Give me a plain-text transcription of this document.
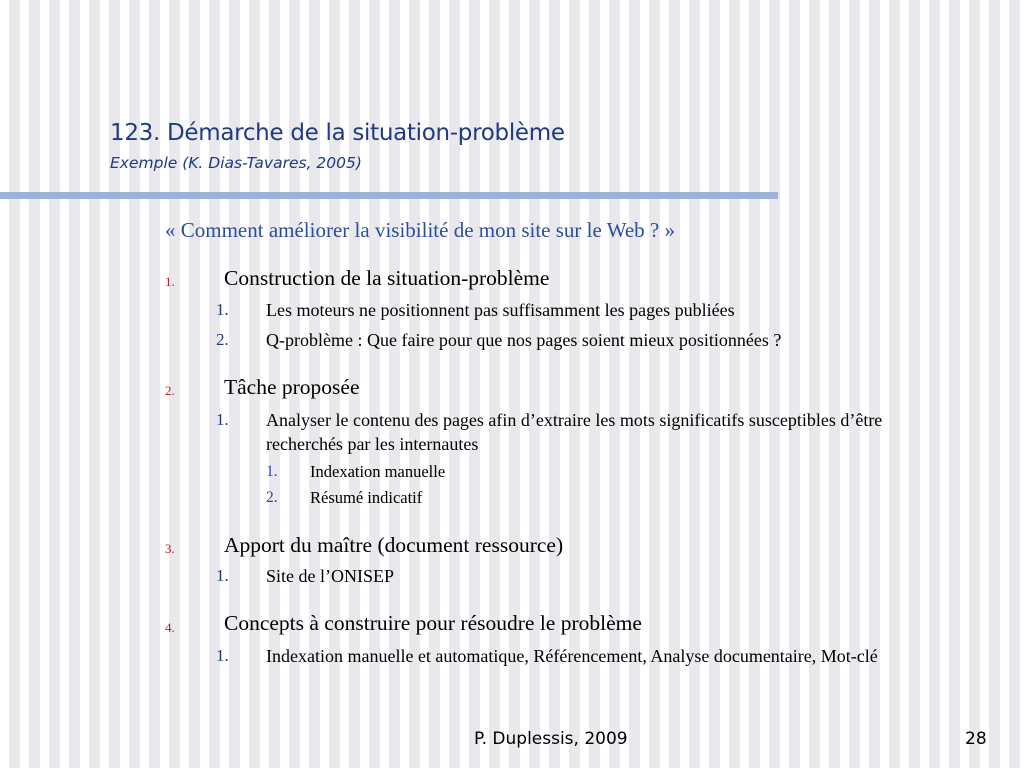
123. Démarche de la situation-problème
Exemple (K. Dias-Tavares, 2005)
« Comment améliorer la visibilité de mon site sur le Web ? »
1. Construction de la situation-problème
1. Les moteurs ne positionnent pas suffisamment les pages publiées
2. Q-problème : Que faire pour que nos pages soient mieux positionnées ?
2. Tâche proposée
1. Analyser le contenu des pages afin d’extraire les mots significatifs susceptibles d’être recherchés par les internautes
1. Indexation manuelle
2. Résumé indicatif
3. Apport du maître (document ressource)
1. Site de l’ONISEP
4. Concepts à construire pour résoudre le problème
1. Indexation manuelle et automatique, Référencement, Analyse documentaire, Mot-clé
P. Duplessis, 2009	28
